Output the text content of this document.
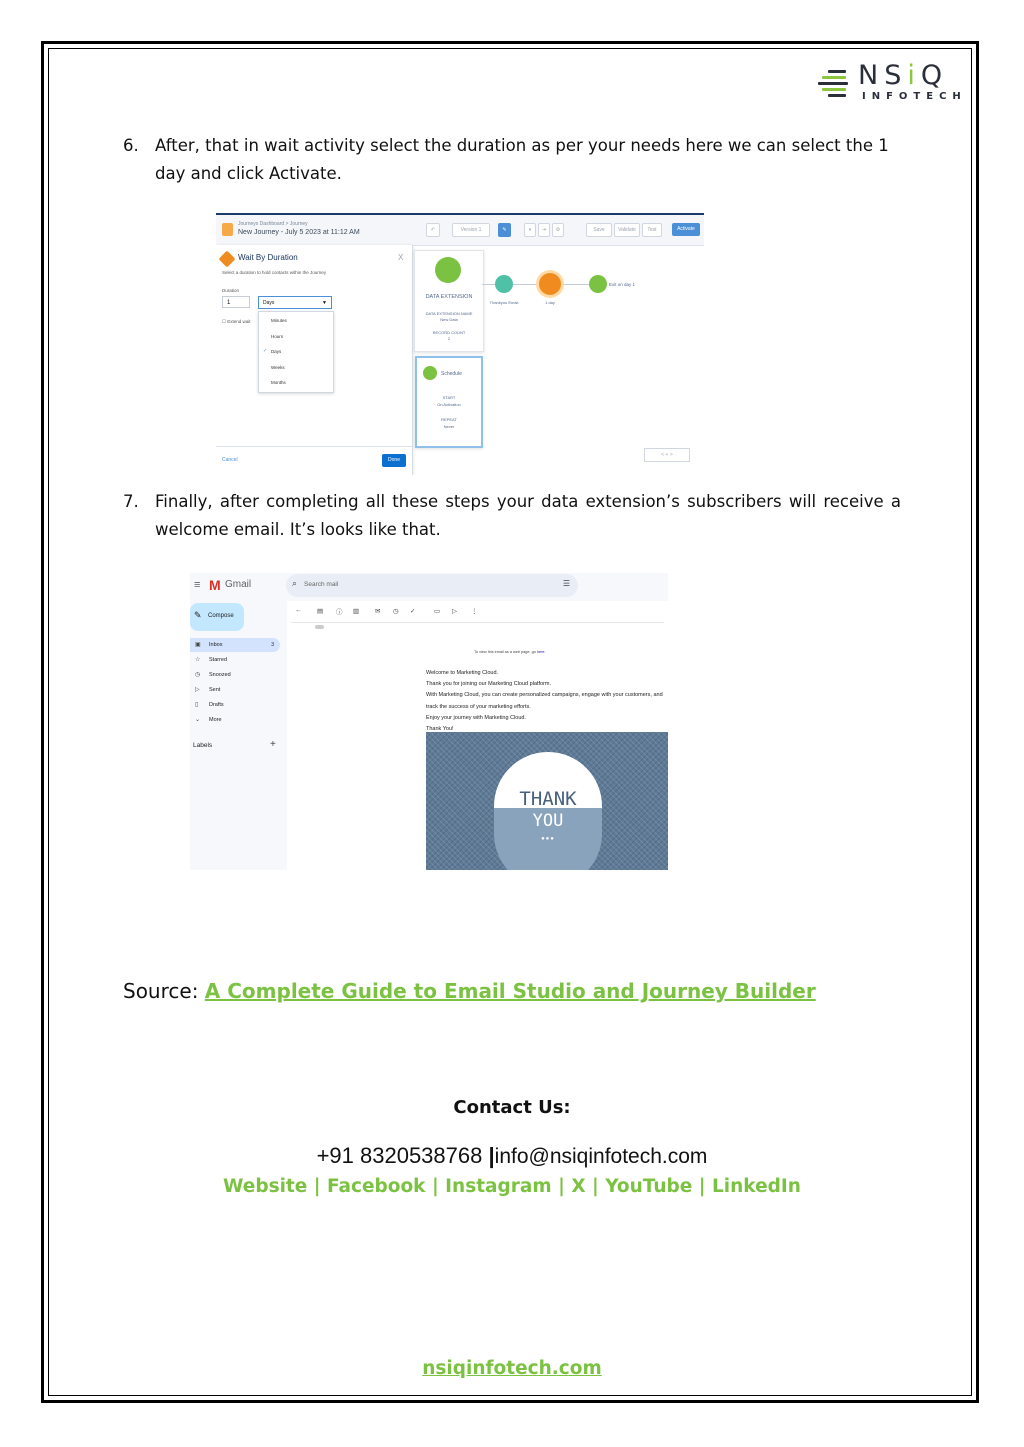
NSiQ
INFOTECH
6. After, that in wait activity select the duration as per your needs here we can select the 1 day and click Activate.
Journeys Dashboard > Journey
New Journey - July 5 2023 at 11:12 AM	↶	Version 1	✎	▾	⇥	⚙	Save	Validate	Test	Activate
Wait By Duration	X
Select a duration to hold contacts within the Journey
Duration
1	Days	▼
☐ Extend wait	Minutes
Hours
✓ Days
Weeks
Months
Cancel	Done
DATA EXTENSION
DATA EXTENSION NAME
New Data
RECORD COUNT
2
Schedule
START
On Activation
REPEAT
Never
Thankyou Email	1 day
Exit on day 1
< + >
7. Finally, after completing all these steps your data extension’s subscribers will receive a welcome email. It’s looks like that.
≡ M Gmail	⌕ Search mail	☰
✎ Compose
▣ Inbox	3
☆ Starred
◷ Snoozed
▷ Sent
▯ Drafts
⌄ More
Labels	+
← ▤ ⓘ ▥ ✉ ◷ ✓	▭ ▷ ⋮
To view this email as a web page, go here.
Welcome to Marketing Cloud.
Thank you for joining our Marketing Cloud platform.
With Marketing Cloud, you can create personalized campaigns, engage with your customers, and track the success of your marketing efforts.
Enjoy your journey with Marketing Cloud.
Thank You!
THANK
YOU
●●●
Source: A Complete Guide to Email Studio and Journey Builder
Contact Us:
+91 8320538768 |info@nsiqinfotech.com
Website | Facebook | Instagram | X | YouTube | LinkedIn
nsiqinfotech.com
